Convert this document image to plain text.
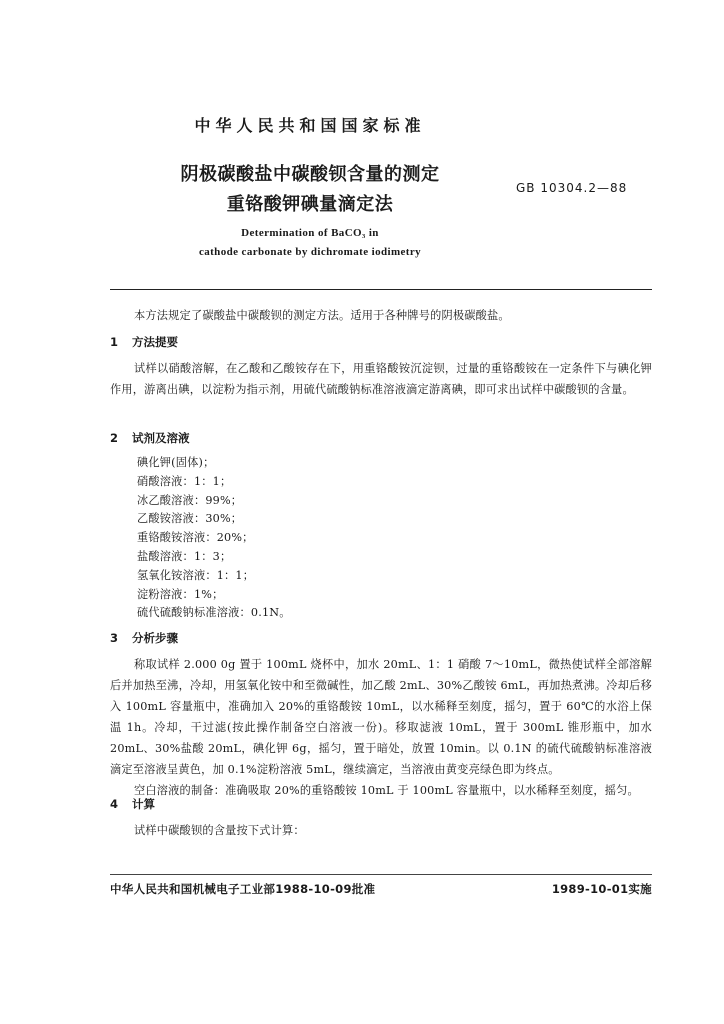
中华人民共和国国家标准
阴极碳酸盐中碳酸钡含量的测定
重铬酸钾碘量滴定法
GB 10304.2—88
Determination of BaCO₃ in
cathode carbonate by dichromate iodimetry

本方法规定了碳酸盐中碳酸钡的测定方法。适用于各种牌号的阴极碳酸盐。

1 方法提要

试样以硝酸溶解，在乙酸和乙酸铵存在下，用重铬酸铵沉淀钡，过量的重铬酸铵在一定条件下与碘化钾作用，游离出碘，以淀粉为指示剂，用硫代硫酸钠标准溶液滴定游离碘，即可求出试样中碳酸钡的含量。

2 试剂及溶液
碘化钾(固体)；
硝酸溶液：1：1；
冰乙酸溶液：99%；
乙酸铵溶液：30%；
重铬酸铵溶液：20%；
盐酸溶液：1：3；
氢氧化铵溶液：1：1；
淀粉溶液：1%；
硫代硫酸钠标准溶液：0.1N。
3 分析步骤

称取试样 2.000 0g 置于 100mL 烧杯中，加水 20mL、1：1 硝酸 7～10mL，微热使试样全部溶解后并加热至沸，冷却，用氢氧化铵中和至微碱性，加乙酸 2mL、30%乙酸铵 6mL，再加热煮沸。冷却后移入 100mL 容量瓶中，准确加入 20%的重铬酸铵 10mL，以水稀释至刻度，摇匀，置于 60℃的水浴上保温 1h。冷却，干过滤(按此操作制备空白溶液一份)。移取滤液 10mL，置于 300mL 锥形瓶中，加水 20mL、30%盐酸 20mL，碘化钾 6g，摇匀，置于暗处，放置 10min。以 0.1N 的硫代硫酸钠标准溶液滴定至溶液呈黄色，加 0.1%淀粉溶液 5mL，继续滴定，当溶液由黄变亮绿色即为终点。

空白溶液的制备：准确吸取 20%的重铬酸铵 10mL 于 100mL 容量瓶中，以水稀释至刻度，摇匀。

4 计算

试样中碳酸钡的含量按下式计算：

中华人民共和国机械电子工业部1988-10-09批准	1989-10-01实施
